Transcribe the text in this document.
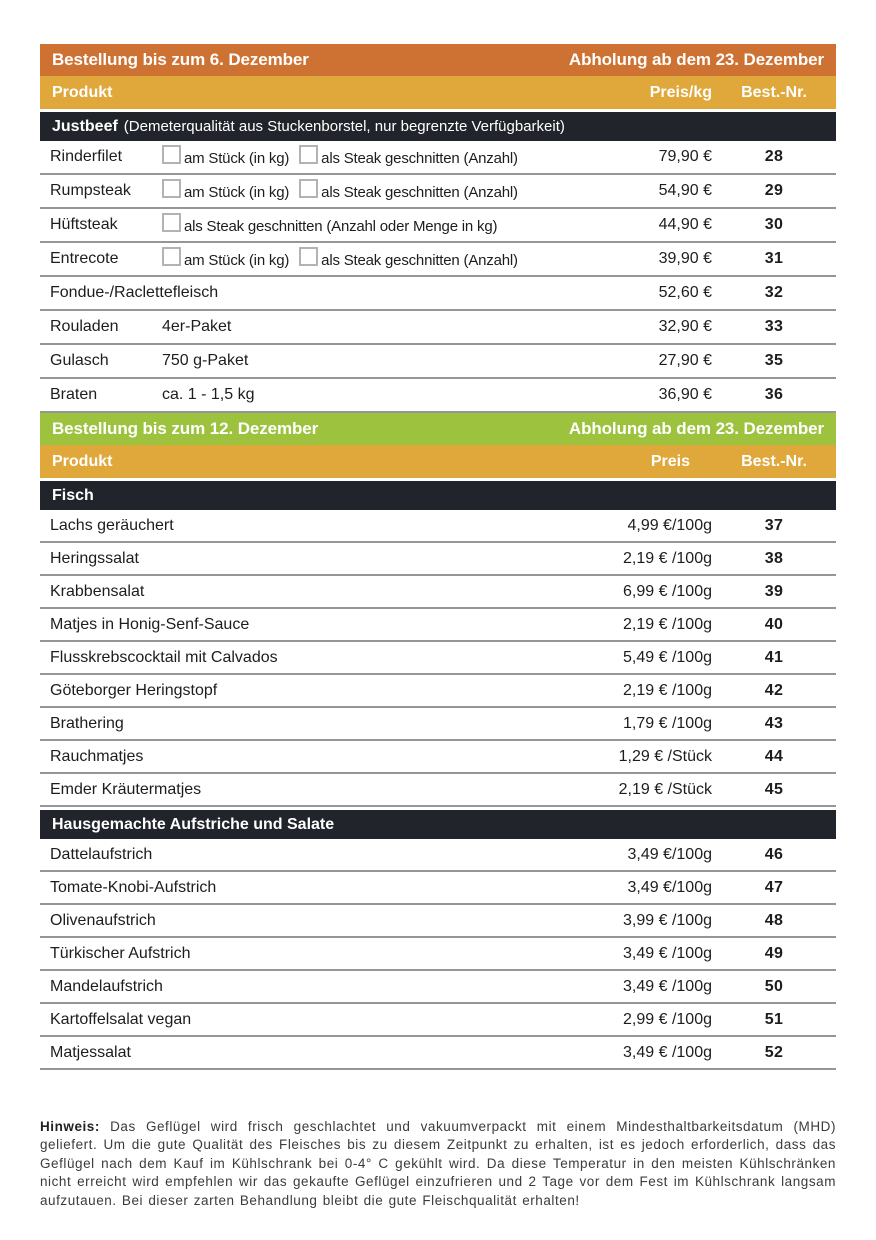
Bestellung bis zum 6. Dezember	Abholung ab dem 23. Dezember
Produkt	Preis/kg	Best.-Nr.
Justbeef (Demeterqualität aus Stuckenborstel, nur begrenzte Verfügbarkeit)
Rinderfilet	am Stück (in kg) als Steak geschnitten (Anzahl)	79,90 €	28
Rumpsteak	am Stück (in kg) als Steak geschnitten (Anzahl)	54,90 €	29
Hüftsteak	als Steak geschnitten (Anzahl oder Menge in kg)	44,90 €	30
Entrecote	am Stück (in kg) als Steak geschnitten (Anzahl)	39,90 €	31
Fondue-/Raclettefleisch	52,60 €	32
Rouladen	4er-Paket	32,90 €	33
Gulasch	750 g-Paket	27,90 €	35
Braten	ca. 1 - 1,5 kg	36,90 €	36
Bestellung bis zum 12. Dezember	Abholung ab dem 23. Dezember
Produkt	Preis	Best.-Nr.
Fisch
Lachs geräuchert	4,99 €/100g	37
Heringssalat	2,19 € /100g	38
Krabbensalat	6,99 € /100g	39
Matjes in Honig-Senf-Sauce	2,19 € /100g	40
Flusskrebscocktail mit Calvados	5,49 € /100g	41
Göteborger Heringstopf	2,19 € /100g	42
Brathering	1,79 € /100g	43
Rauchmatjes	1,29 € /Stück	44
Emder Kräutermatjes	2,19 € /Stück	45
Hausgemachte Aufstriche und Salate
Dattelaufstrich	3,49 €/100g	46
Tomate-Knobi-Aufstrich	3,49 €/100g	47
Olivenaufstrich	3,99 € /100g	48
Türkischer Aufstrich	3,49 € /100g	49
Mandelaufstrich	3,49 € /100g	50
Kartoffelsalat vegan	2,99 € /100g	51
Matjessalat	3,49 € /100g	52

Hinweis: Das Geflügel wird frisch geschlachtet und vakuumverpackt mit einem Mindesthaltbarkeitsdatum (MHD) geliefert. Um die gute Qualität des Fleisches bis zu diesem Zeitpunkt zu erhalten, ist es jedoch erforderlich, dass das Geflügel nach dem Kauf im Kühlschrank bei 0-4° C gekühlt wird. Da diese Temperatur in den meisten Kühlschränken nicht erreicht wird empfehlen wir das gekaufte Geflügel einzufrieren und 2 Tage vor dem Fest im Kühlschrank langsam aufzutauen. Bei dieser zarten Behandlung bleibt die gute Fleischqualität erhalten!
